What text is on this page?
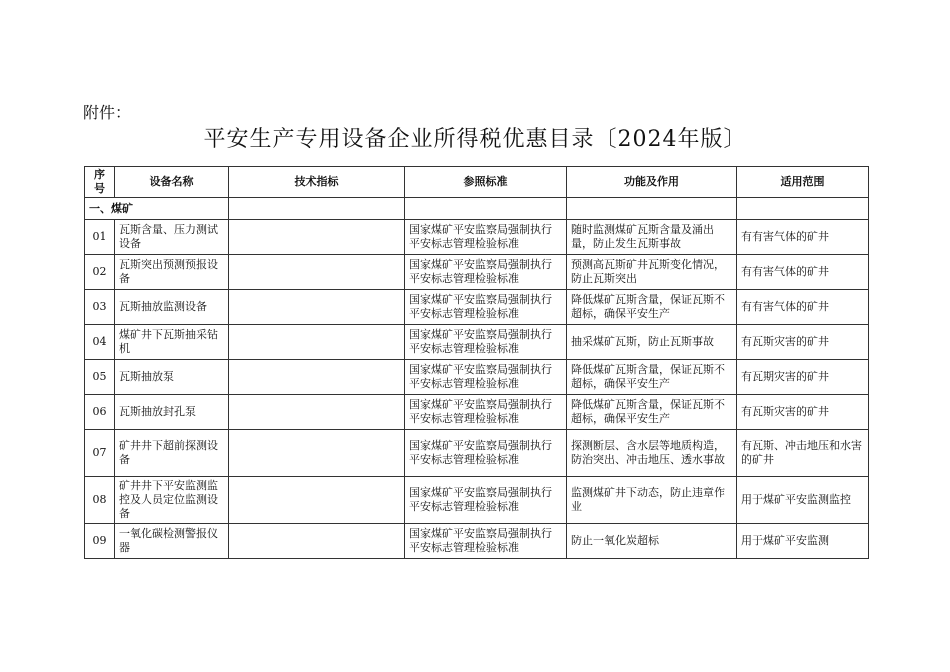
附件：
平安生产专用设备企业所得税优惠目录〔2024年版〕
序号	设备名称	技术指标	参照标准	功能及作用	适用范围
一、煤矿					
01	瓦斯含量、压力测试设备		国家煤矿平安监察局强制执行平安标志管理检验标准	随时监测煤矿瓦斯含量及涌出量，防止发生瓦斯事故	有有害气体的矿井
02	瓦斯突出预测预报设备		国家煤矿平安监察局强制执行平安标志管理检验标准	预测高瓦斯矿井瓦斯变化情况，防止瓦斯突出	有有害气体的矿井
03	瓦斯抽放监测设备		国家煤矿平安监察局强制执行平安标志管理检验标准	降低煤矿瓦斯含量，保证瓦斯不超标，确保平安生产	有有害气体的矿井
04	煤矿井下瓦斯抽采钻机		国家煤矿平安监察局强制执行平安标志管理检验标准	抽采煤矿瓦斯，防止瓦斯事故	有瓦斯灾害的矿井
05	瓦斯抽放泵		国家煤矿平安监察局强制执行平安标志管理检验标准	降低煤矿瓦斯含量，保证瓦斯不超标，确保平安生产	有瓦期灾害的矿井
06	瓦斯抽放封孔泵		国家煤矿平安监察局强制执行平安标志管理检验标准	降低煤矿瓦斯含量，保证瓦斯不超标，确保平安生产	有瓦斯灾害的矿井
07	矿井井下超前探测设备		国家煤矿平安监察局强制执行平安标志管理检验标准	探测断层、含水层等地质构造，防治突出、冲击地压、透水事故	有瓦斯、冲击地压和水害的矿井
08	矿井井下平安监测监控及人员定位监测设备		国家煤矿平安监察局强制执行平安标志管理检验标准	监测煤矿井下动态，防止违章作业	用于煤矿平安监测监控
09	一氧化碳检测警报仪器		国家煤矿平安监察局强制执行平安标志管理检验标准	防止一氧化炭超标	用于煤矿平安监测
